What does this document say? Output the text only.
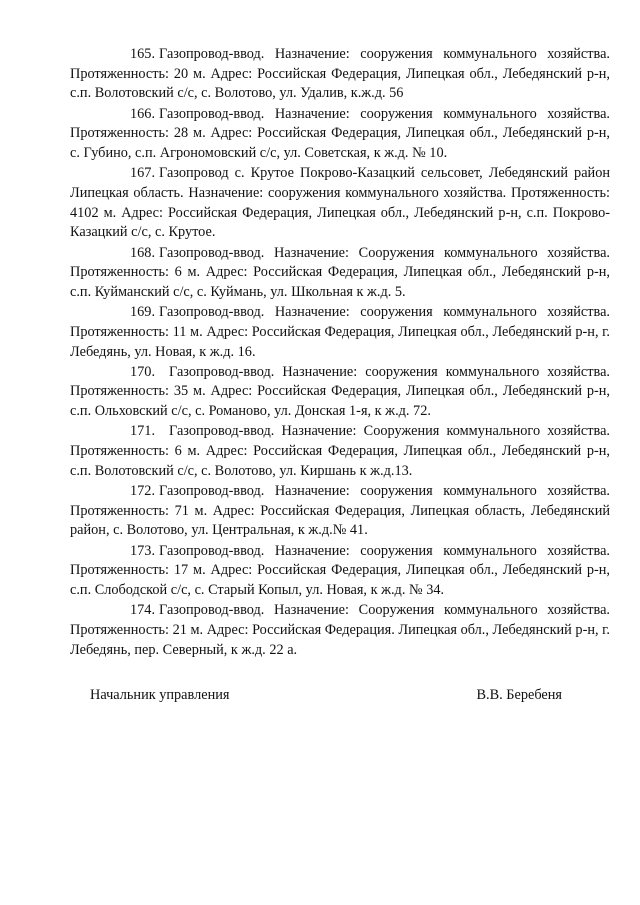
165. Газопровод-ввод. Назначение: сооружения коммунального хозяйства. Протяженность: 20 м. Адрес: Российская Федерация, Липецкая обл., Лебедянский р-н, с.п. Волотовский с/с, с. Волотово, ул. Удалив, к.ж.д. 56

166. Газопровод-ввод. Назначение: сооружения коммунального хозяйства. Протяженность: 28 м. Адрес: Российская Федерация, Липецкая обл., Лебедянский р-н, с. Губино, с.п. Агрономовский с/с, ул. Советская, к ж.д. № 10.

167. Газопровод с. Крутое Покрово-Казацкий сельсовет, Лебедянский район Липецкая область. Назначение: сооружения коммунального хозяйства. Протяженность: 4102 м. Адрес: Российская Федерация, Липецкая обл., Лебедянский р-н, с.п. Покрово-Казацкий с/с, с. Крутое.

168. Газопровод-ввод. Назначение: Сооружения коммунального хозяйства. Протяженность: 6 м. Адрес: Российская Федерация, Липецкая обл., Лебедянский р-н, с.п. Куйманский с/с, с. Куймань, ул. Школьная к ж.д. 5.

169. Газопровод-ввод. Назначение: сооружения коммунального хозяйства. Протяженность: 11 м. Адрес: Российская Федерация, Липецкая обл., Лебедянский р-н, г. Лебедянь, ул. Новая, к ж.д. 16.

170. Газопровод-ввод. Назначение: сооружения коммунального хозяйства. Протяженность: 35 м. Адрес: Российская Федерация, Липецкая обл., Лебедянский р-н, с.п. Ольховский с/с, с. Романово, ул. Донская 1-я, к ж.д. 72.

171. Газопровод-ввод. Назначение: Сооружения коммунального хозяйства. Протяженность: 6 м. Адрес: Российская Федерация, Липецкая обл., Лебедянский р-н, с.п. Волотовский с/с, с. Волотово, ул. Киршань к ж.д.13.

172. Газопровод-ввод. Назначение: сооружения коммунального хозяйства. Протяженность: 71 м. Адрес: Российская Федерация, Липецкая область, Лебедянский район, с. Волотово, ул. Центральная, к ж.д.№ 41.

173. Газопровод-ввод. Назначение: сооружения коммунального хозяйства. Протяженность: 17 м. Адрес: Российская Федерация, Липецкая обл., Лебедянский р-н, с.п. Слободской с/с, с. Старый Копыл, ул. Новая, к ж.д. № 34.

174. Газопровод-ввод. Назначение: Сооружения коммунального хозяйства. Протяженность: 21 м. Адрес: Российская Федерация. Липецкая обл., Лебедянский р-н, г. Лебедянь, пер. Северный, к ж.д. 22 а.

Начальник управления	В.В. Беребеня
